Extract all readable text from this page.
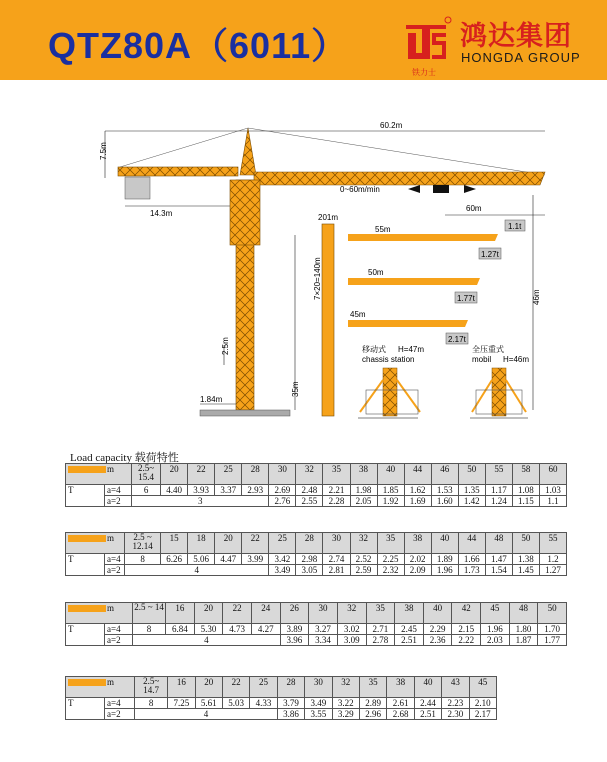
QTZ80A（6011）
铁力士
鸿达集团
HONGDA GROUP
60.2m
7.5m
14.3m
0~60m/min
60m
1.1t
2.5m
1.84m
7×20=140m
35m
201m
55m
1.27t
50m
1.77t
45m
2.17t
46m
移动式 H=47m
chassis station
全压重式
mobil H=46m
Load capacity 载荷特性
m		2.5~ 15.4	20	22	25	28	30	32	35	38	40	44	46	50	55	58	60
T	a=4	6	4.40	3.93	3.37	2.93	2.69	2.48	2.21	1.98	1.85	1.62	1.53	1.35	1.17	1.08	1.03
	a=2	3					2.76	2.55	2.28	2.05	1.92	1.69	1.60	1.42	1.24	1.15	1.1
m		2.5 ~ 12.14	15	18	20	22	25	28	30	32	35	38	40	44	48	50	55
T	a=4	8	6.26	5.06	4.47	3.99	3.42	2.98	2.74	2.52	2.25	2.02	1.89	1.66	1.47	1.38	1.2
	a=2	4					3.49	3.05	2.81	2.59	2.32	2.09	1.96	1.73	1.54	1.45	1.27
m		2.5 ~ 14	16	20	22	24	26	30	32	35	38	40	42	45	48	50
T	a=4	8	6.84	5.30	4.73	4.27	3.89	3.27	3.02	2.71	2.45	2.29	2.15	1.96	1.80	1.70
	a=2	4					3.96	3.34	3.09	2.78	2.51	2.36	2.22	2.03	1.87	1.77
m		2.5~ 14.7	16	20	22	25	28	30	32	35	38	40	43	45
T	a=4	8	7.25	5.61	5.03	4.33	3.79	3.49	3.22	2.89	2.61	2.44	2.23	2.10
	a=2	4					3.86	3.55	3.29	2.96	2.68	2.51	2.30	2.17
